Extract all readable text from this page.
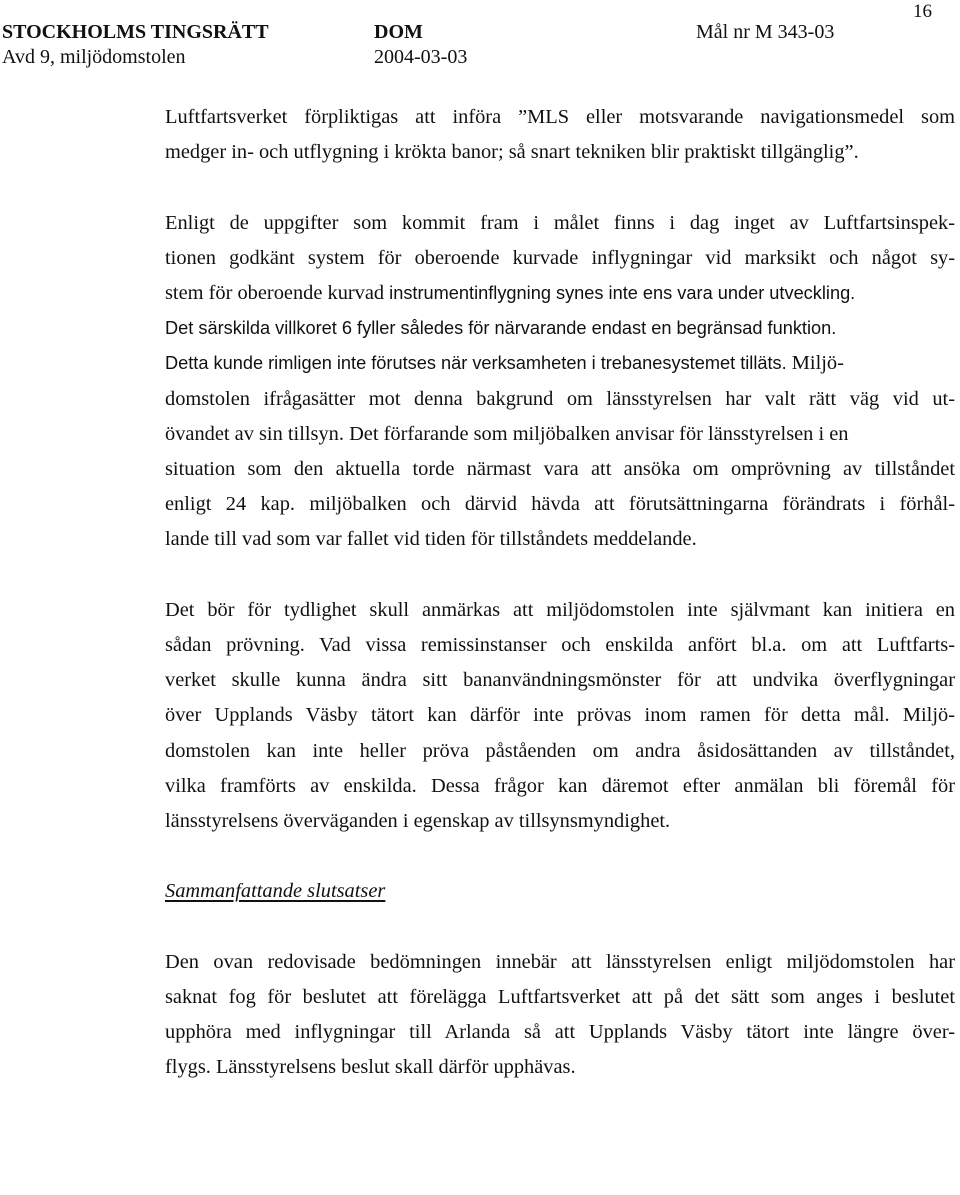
16
STOCKHOLMS TINGSRÄTT	DOM	Mål nr M 343-03
Avd 9, miljödomstolen	2004-03-03
Luftfartsverket förpliktigas att införa ”MLS eller motsvarande navigationsmedel som
medger in- och utflygning i krökta banor; så snart tekniken blir praktiskt tillgänglig”.
Enligt de uppgifter som kommit fram i målet finns i dag inget av Luftfartsinspek-
tionen godkänt system för oberoende kurvade inflygningar vid marksikt och något sy-
stem för oberoende kurvad instrumentinflygning synes inte ens vara under utveckling.
Det särskilda villkoret 6 fyller således för närvarande endast en begränsad funktion.
Detta kunde rimligen inte förutses när verksamheten i trebanesystemet tilläts. Miljö-
domstolen ifrågasätter mot denna bakgrund om länsstyrelsen har valt rätt väg vid ut-
övandet av sin tillsyn. Det förfarande som miljöbalken anvisar för länsstyrelsen i en
situation som den aktuella torde närmast vara att ansöka om omprövning av tillståndet
enligt 24 kap. miljöbalken och därvid hävda att förutsättningarna förändrats i förhål-
lande till vad som var fallet vid tiden för tillståndets meddelande.
Det bör för tydlighet skull anmärkas att miljödomstolen inte självmant kan initiera en
sådan prövning. Vad vissa remissinstanser och enskilda anfört bl.a. om att Luftfarts-
verket skulle kunna ändra sitt bananvändningsmönster för att undvika överflygningar
över Upplands Väsby tätort kan därför inte prövas inom ramen för detta mål. Miljö-
domstolen kan inte heller pröva påståenden om andra åsidosättanden av tillståndet,
vilka framförts av enskilda. Dessa frågor kan däremot efter anmälan bli föremål för
länsstyrelsens överväganden i egenskap av tillsynsmyndighet.
Sammanfattande slutsatser
Den ovan redovisade bedömningen innebär att länsstyrelsen enligt miljödomstolen har
saknat fog för beslutet att förelägga Luftfartsverket att på det sätt som anges i beslutet
upphöra med inflygningar till Arlanda så att Upplands Väsby tätort inte längre över-
flygs. Länsstyrelsens beslut skall därför upphävas.
